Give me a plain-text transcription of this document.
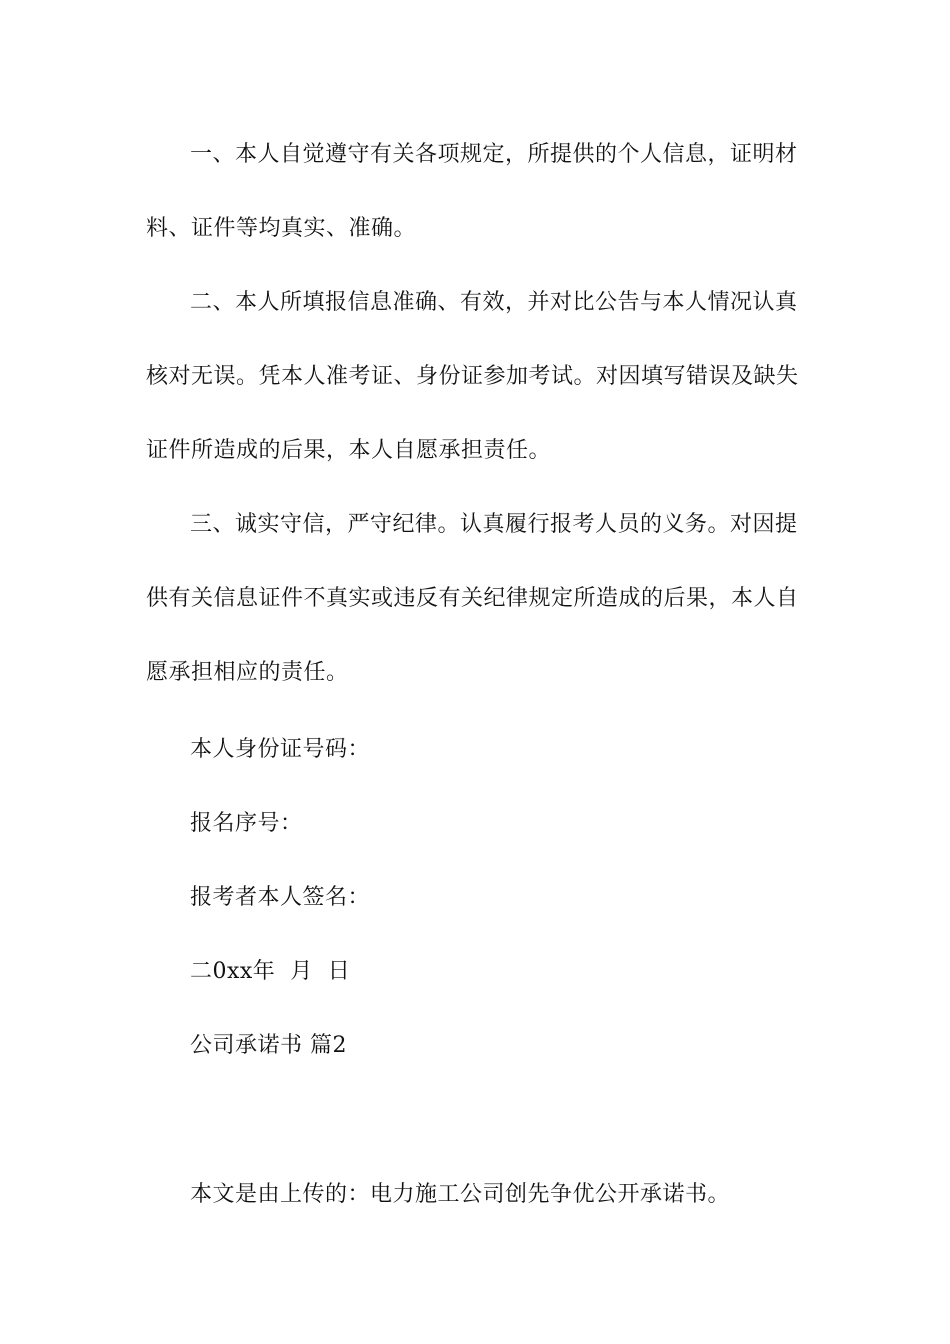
一、本人自觉遵守有关各项规定，所提供的个人信息，证明材料、证件等均真实、准确。

二、本人所填报信息准确、有效，并对比公告与本人情况认真核对无误。凭本人准考证、身份证参加考试。对因填写错误及缺失证件所造成的后果，本人自愿承担责任。

三、诚实守信，严守纪律。认真履行报考人员的义务。对因提供有关信息证件不真实或违反有关纪律规定所造成的后果，本人自愿承担相应的责任。

本人身份证号码：

报名序号：

报考者本人签名：

二0xx年  月  日

公司承诺书 篇2

本文是由上传的：电力施工公司创先争优公开承诺书。
